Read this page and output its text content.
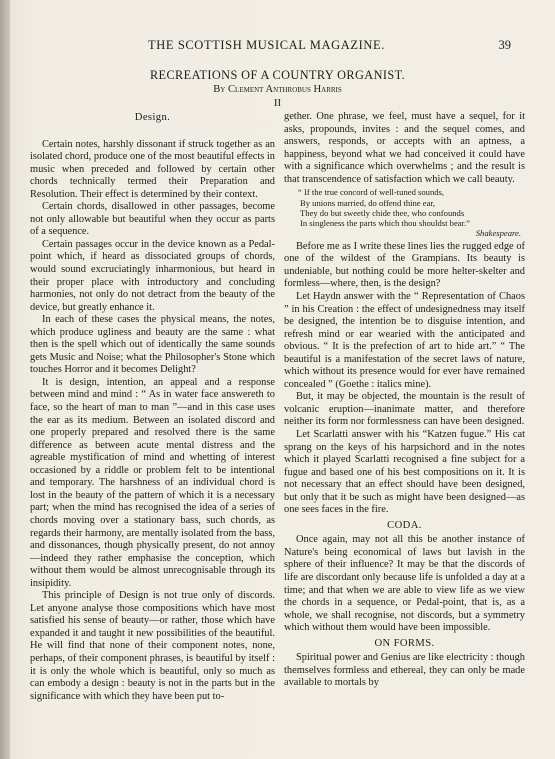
THE SCOTTISH MUSICAL MAGAZINE.	39
RECREATIONS OF A COUNTRY ORGANIST.
By Clement Anthrobus Harris
II
Design.

Certain notes, harshly dissonant if struck together as an isolated chord, produce one of the most beautiful effects in music when preceded and followed by certain other chords technically termed their Preparation and Resolution. Their effect is determined by their context.

Certain chords, disallowed in other passages, become not only allowable but beautiful when they occur as parts of a sequence.

Certain passages occur in the device known as a Pedal-point which, if heard as dissociated groups of chords, would sound excruciatingly inharmonious, but heard in their proper place with introductory and concluding harmonies, not only do not detract from the beauty of the device, but greatly enhance it.

In each of these cases the physical means, the notes, which produce ugliness and beauty are the same : what then is the spell which out of identically the same sounds gets Music and Noise; what the Philosopher's Stone which touches Horror and it becomes Delight?

It is design, intention, an appeal and a response between mind and mind : “ As in water face answereth to face, so the heart of man to man ”—and in this case uses the ear as its medium. Between an isolated discord and one properly prepared and resolved there is the same difference as between acute mental distress and the agreable mystification of mind and whetting of interest occasioned by a riddle or problem felt to be intentional and temporary. The harshness of an individual chord is lost in the beauty of the pattern of which it is a necessary part; when the mind has recognised the idea of a series of chords moving over a stationary bass, such chords, as regards their harmony, are mentally isolated from the bass, and dissonances, though physically present, do not annoy—indeed they rather emphasise the conception, which without them would be almost unrecognisable through its insipidity.

This principle of Design is not true only of discords. Let anyone analyse those compositions which have most satisfied his sense of beauty—or rather, those which have expanded it and taught it new possibilities of the beautiful. He will find that none of their component notes, none, perhaps, of their component phrases, is beautiful by itself : it is only the whole which is beautiful, only so much as can embody a design : beauty is not in the parts but in the significance with which they have been put to-

gether. One phrase, we feel, must have a sequel, for it asks, propounds, invites : and the sequel comes, and answers, responds, or accepts with an aptness, a happiness, beyond what we had conceived it could have with a significance which overwhelms ; and the result is that transcendence of satisfaction which we call beauty.

“ If the true concord of well-tuned sounds,
By unions married, do offend thine ear,
They do but sweetly chide thee, who confounds
In singleness the parts which thou shouldst bear.”
Shakespeare.

Before me as I write these lines lies the rugged edge of one of the wildest of the Grampians. Its beauty is undeniable, but nothing could be more helter-skelter and formless—where, then, is the design?

Let Haydn answer with the “ Representation of Chaos ” in his Creation : the effect of undesignedness may itself be designed, the intention be to disguise intention, and refresh mind or ear wearied with the anticipated and obvious. “ It is the prefection of art to hide art.” “ The beautiful is a manifestation of the secret laws of nature, which without its presence would for ever have remained concealed ” (Goethe : italics mine).

But, it may be objected, the mountain is the result of volcanic eruption—inanimate matter, and therefore neither its form nor formlessness can have been designed.

Let Scarlatti answer with his “Katzen fugue.” His cat sprang on the keys of his harpsichord and in the notes which it played Scarlatti recognised a fine subject for a fugue and based one of his best compositions on it. It is not necessary that an effect should have been designed, but only that it be such as might have been designed—as one sees faces in the fire.

CODA.

Once again, may not all this be another instance of Nature's being economical of laws but lavish in the sphere of their influence? It may be that the discords of life are discordant only because life is unfolded a day at a time; and that when we are able to view life as we view the chords in a sequence, or Pedal-point, that is, as a whole, we shall recognise, not discords, but a symmetry which without them would have been impossible.

ON FORMS.

Spiritual power and Genius are like electricity : though themselves formless and ethereal, they can only be made available to mortals by
